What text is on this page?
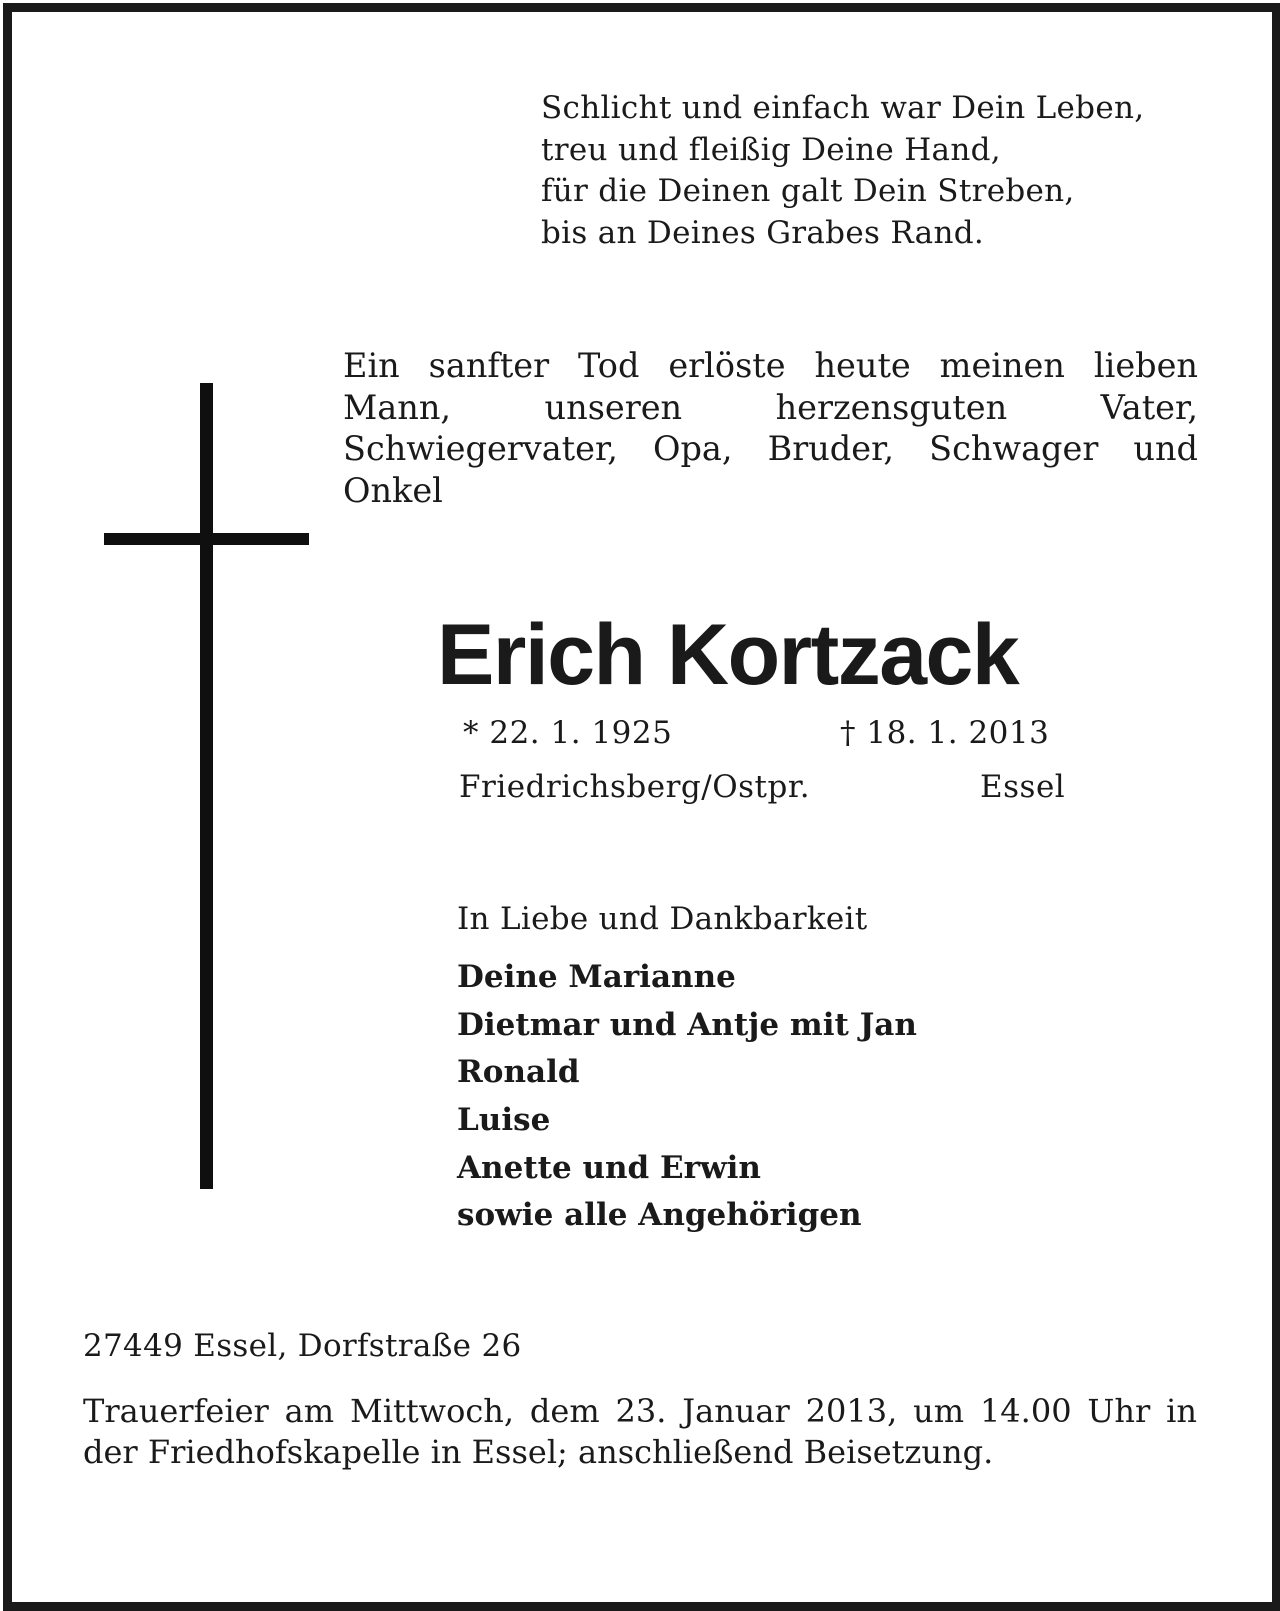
Schlicht und einfach war Dein Leben,
treu und fleißig Deine Hand,
für die Deinen galt Dein Streben,
bis an Deines Grabes Rand.
Ein sanfter Tod erlöste heute meinen lieben Mann, unseren herzensguten Vater, Schwiegervater, Opa, Bruder, Schwager und Onkel
Erich Kortzack
* 22. 1. 1925	† 18. 1. 2013
Friedrichsberg/Ostpr.	Essel
In Liebe und Dankbarkeit
Deine Marianne
Dietmar und Antje mit Jan
Ronald
Luise
Anette und Erwin
sowie alle Angehörigen
27449 Essel, Dorfstraße 26
Trauerfeier am Mittwoch, dem 23. Januar 2013, um 14.00 Uhr in der Friedhofskapelle in Essel; anschließend Beisetzung.
